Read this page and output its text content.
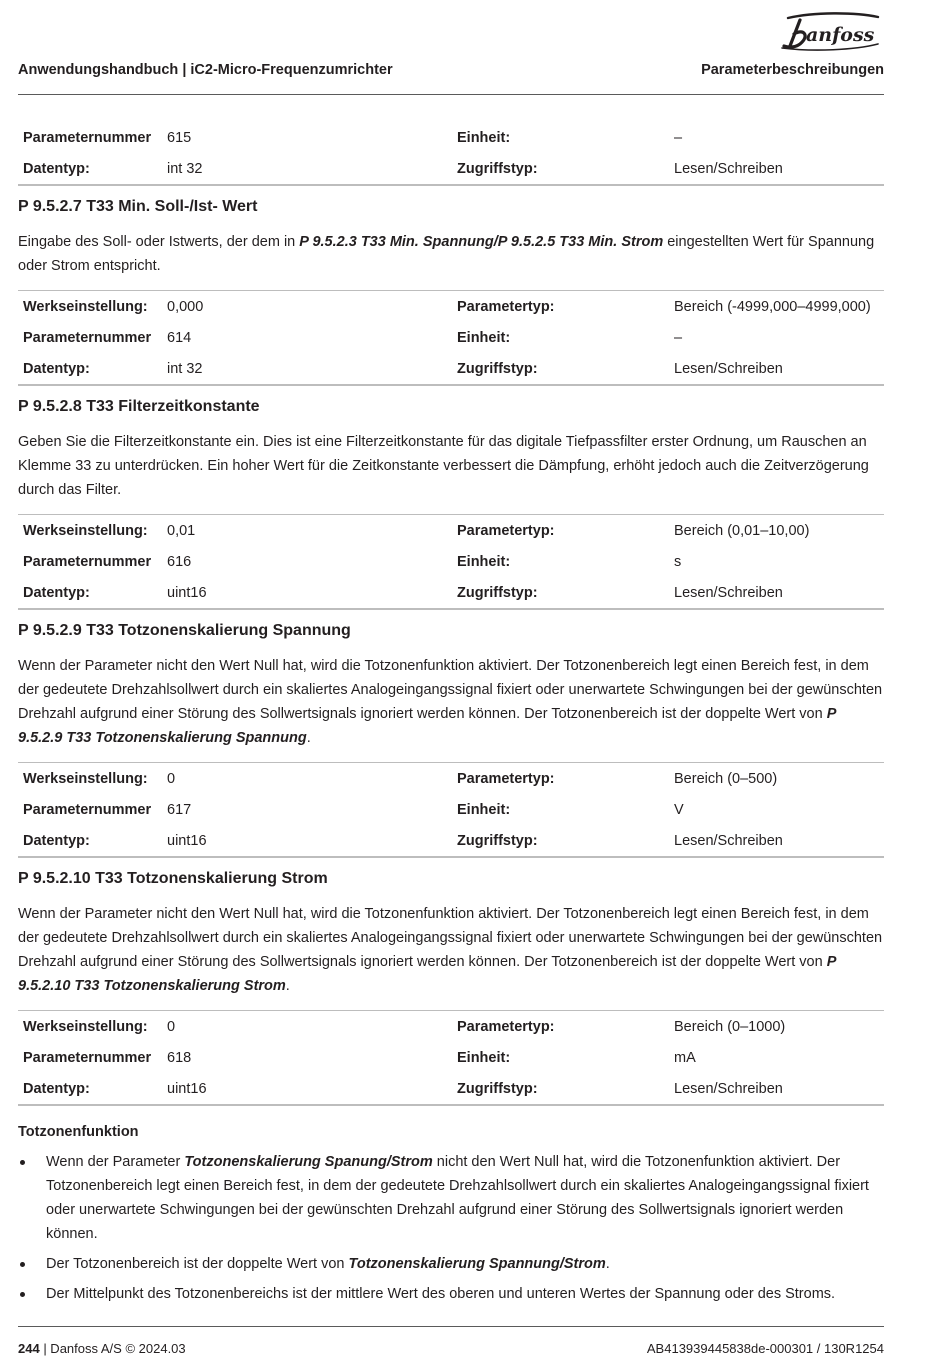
anfoss
Anwendungshandbuch | iC2-Micro-Frequenzumrichter	Parameterbeschreibungen
Parameternummer	615	Einheit:	–
Datentyp:	int 32	Zugriffstyp:	Lesen/Schreiben
P 9.5.2.7 T33 Min. Soll-/Ist- Wert

Eingabe des Soll- oder Istwerts, der dem in P 9.5.2.3 T33 Min. Spannung/P 9.5.2.5 T33 Min. Strom eingestellten Wert für Spannung oder Strom entspricht.

Werkseinstellung:	0,000	Parametertyp:	Bereich (-4999,000–4999,000)
Parameternummer	614	Einheit:	–
Datentyp:	int 32	Zugriffstyp:	Lesen/Schreiben
P 9.5.2.8 T33 Filterzeitkonstante

Geben Sie die Filterzeitkonstante ein. Dies ist eine Filterzeitkonstante für das digitale Tiefpassfilter erster Ordnung, um Rauschen an Klemme 33 zu unterdrücken. Ein hoher Wert für die Zeitkonstante verbessert die Dämpfung, erhöht jedoch auch die Zeitverzögerung durch das Filter.

Werkseinstellung:	0,01	Parametertyp:	Bereich (0,01–10,00)
Parameternummer	616	Einheit:	s
Datentyp:	uint16	Zugriffstyp:	Lesen/Schreiben
P 9.5.2.9 T33 Totzonenskalierung Spannung

Wenn der Parameter nicht den Wert Null hat, wird die Totzonenfunktion aktiviert. Der Totzonenbereich legt einen Bereich fest, in dem der gedeutete Drehzahlsollwert durch ein skaliertes Analogeingangssignal fixiert oder unerwartete Schwingungen bei der gewünschten Drehzahl aufgrund einer Störung des Sollwertsignals ignoriert werden können. Der Totzonenbereich ist der doppelte Wert von P 9.5.2.9 T33 Totzonenskalierung Spannung.

Werkseinstellung:	0	Parametertyp:	Bereich (0–500)
Parameternummer	617	Einheit:	V
Datentyp:	uint16	Zugriffstyp:	Lesen/Schreiben
P 9.5.2.10 T33 Totzonenskalierung Strom

Wenn der Parameter nicht den Wert Null hat, wird die Totzonenfunktion aktiviert. Der Totzonenbereich legt einen Bereich fest, in dem der gedeutete Drehzahlsollwert durch ein skaliertes Analogeingangssignal fixiert oder unerwartete Schwingungen bei der gewünschten Drehzahl aufgrund einer Störung des Sollwertsignals ignoriert werden können. Der Totzonenbereich ist der doppelte Wert von P 9.5.2.10 T33 Totzonenskalierung Strom.

Werkseinstellung:	0	Parametertyp:	Bereich (0–1000)
Parameternummer	618	Einheit:	mA
Datentyp:	uint16	Zugriffstyp:	Lesen/Schreiben
Totzonenfunktion
Wenn der Parameter Totzonenskalierung Spanung/Strom nicht den Wert Null hat, wird die Totzonenfunktion aktiviert. Der Totzonenbereich legt einen Bereich fest, in dem der gedeutete Drehzahlsollwert durch ein skaliertes Analogeingangssignal fixiert oder unerwartete Schwingungen bei der gewünschten Drehzahl aufgrund einer Störung des Sollwertsignals ignoriert werden können.
Der Totzonenbereich ist der doppelte Wert von Totzonenskalierung Spannung/Strom.
Der Mittelpunkt des Totzonenbereichs ist der mittlere Wert des oberen und unteren Wertes der Spannung oder des Stroms.
244 | Danfoss A/S © 2024.03	AB413939445838de-000301 / 130R1254
